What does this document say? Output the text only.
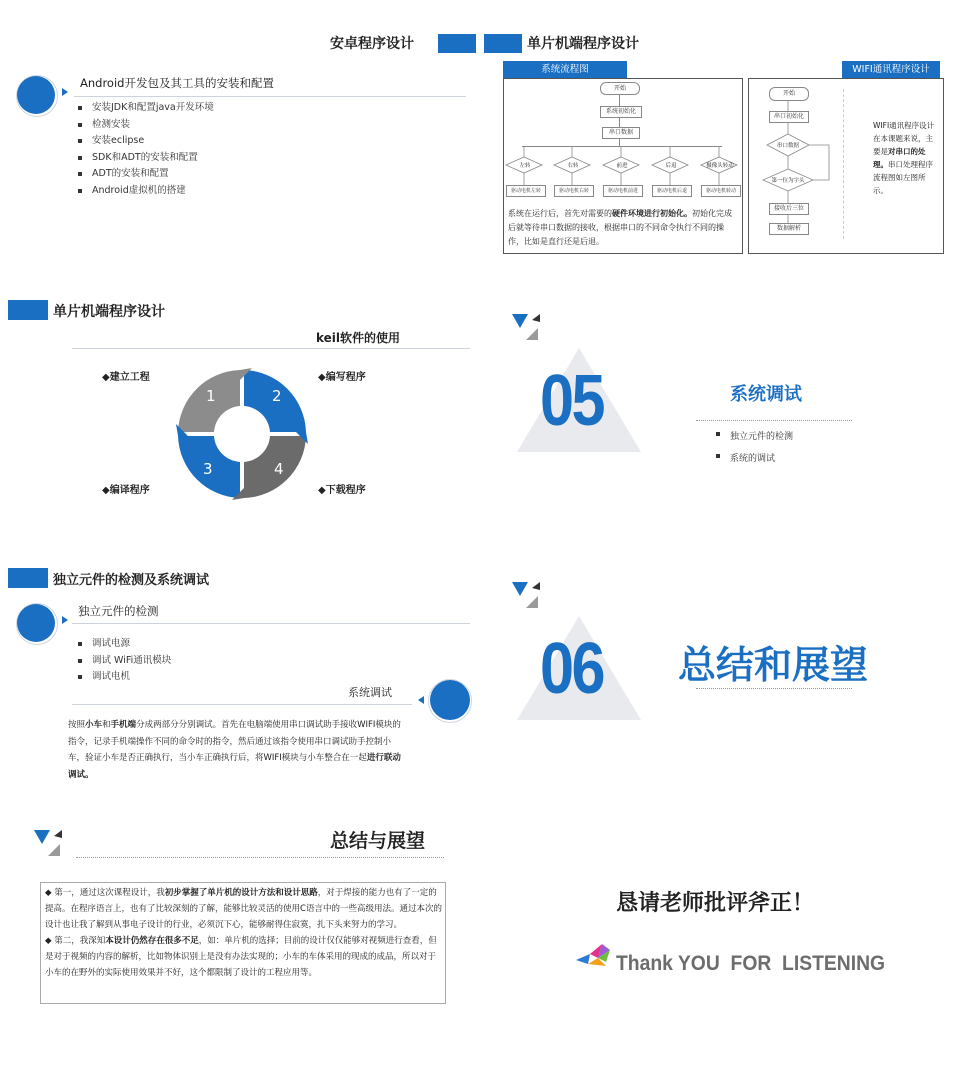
安卓程序设计	单片机端程序设计
Android开发包及其工具的安装和配置
安装JDK和配置java开发环境
检测安装
安装eclipse
SDK和ADT的安装和配置
ADT的安装和配置
Android虚拟机的搭建
开始
系统初始化
串口数据
左转	右转	前进	后退	摄像头转动
驱动电机左转	驱动电机右转	驱动电机前进	驱动电机后退	驱动电机转动
系统在运行后，首先对需要的硬件环境进行初始化。初始化完成后就等待串口数据的接收，根据串口的不同命令执行不同的操作，比如是直行还是后退。
系统流程图
开始
串口初始化
串口数据
第一位为字头
接收后三位
数据解析
WIFI通讯程序设计在本课题来说，主要是对串口的处理。串口处理程序流程图如左图所示。
WIFI通讯程序设计
单片机端程序设计
keil软件的使用
1	2
3	4
◆建立工程	◆编写程序
◆编译程序	◆下载程序
05	系统调试
独立元件的检测
系统的调试
独立元件的检测及系统调试
独立元件的检测
调试电源
调试 WiFi通讯模块
调试电机
系统调试
按照小车和手机端分成两部分分别调试。首先在电脑端使用串口调试助手接收WIFI模块的指令，记录手机端操作不同的命令时的指令，然后通过该指令使用串口调试助手控制小车，验证小车是否正确执行，当小车正确执行后，将WIFI模块与小车整合在一起进行联动调试。
06 总结和展望
总结与展望
◆ 第一，通过这次课程设计，我初步掌握了单片机的设计方法和设计思路，对于焊接的能力也有了一定的提高。在程序语言上，也有了比较深刻的了解，能够比较灵活的使用C语言中的一些高级用法。通过本次的设计也让我了解到从事电子设计的行业，必须沉下心，能够耐得住寂寞，扎下头来努力的学习。
◆ 第二，我深知本设计仍然存在很多不足，如：单片机的选择；目前的设计仅仅能够对视频进行查看，但是对于视频的内容的解析，比如物体识别上是没有办法实现的；小车的车体采用的现成的成品，所以对于小车的在野外的实际使用效果并不好，这个都限制了设计的工程应用等。
恳请老师批评斧正！
Thank YOU  FOR  LISTENING
